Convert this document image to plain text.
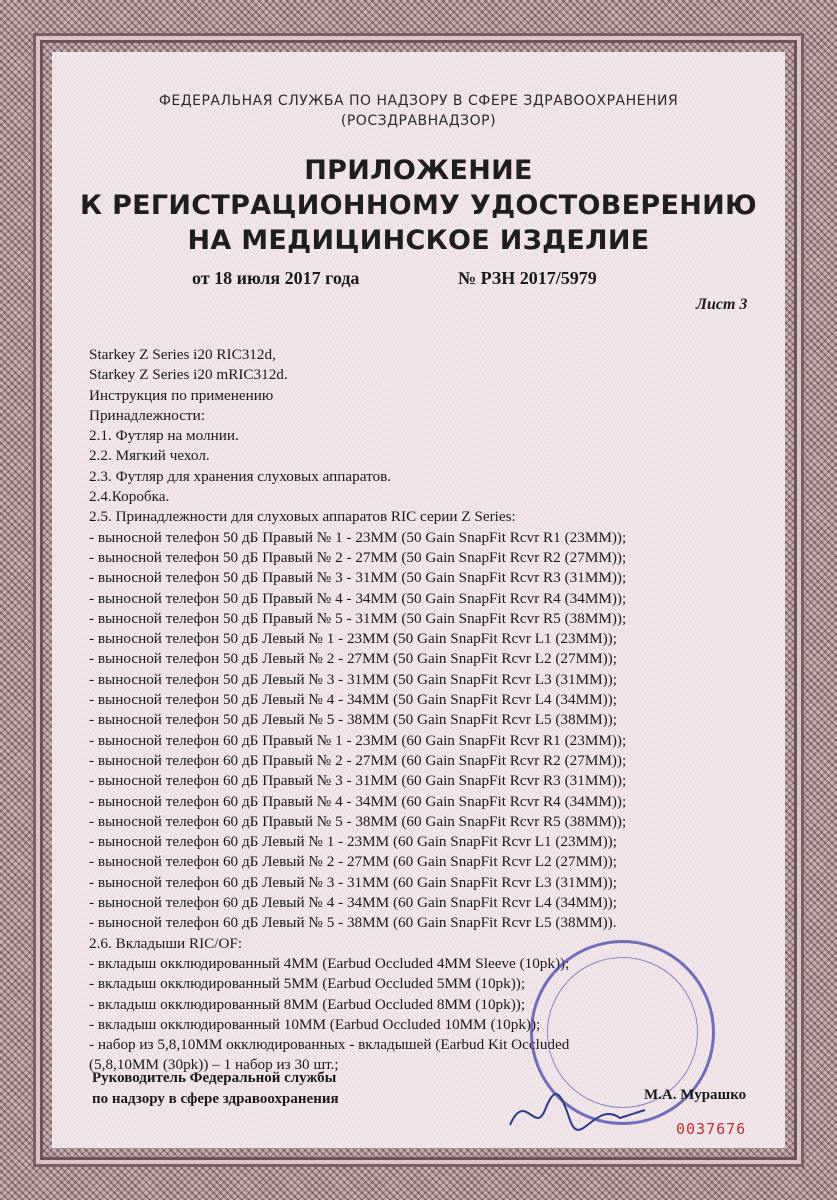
ФЕДЕРАЛЬНАЯ СЛУЖБА ПО НАДЗОРУ В СФЕРЕ ЗДРАВООХРАНЕНИЯ
(РОСЗДРАВНАДЗОР)
ПРИЛОЖЕНИЕ
К РЕГИСТРАЦИОННОМУ УДОСТОВЕРЕНИЮ
НА МЕДИЦИНСКОЕ ИЗДЕЛИЕ
от 18 июля 2017 года	№ РЗН 2017/5979
Лист 3
Starkey Z Series i20 RIC312d,
Starkey Z Series i20 mRIC312d.
Инструкция по применению
Принадлежности:
2.1. Футляр на молнии.
2.2. Мягкий чехол.
2.3. Футляр для хранения слуховых аппаратов.
2.4.Коробка.
2.5. Принадлежности для слуховых аппаратов RIC серии Z Series:
- выносной телефон 50 дБ Правый № 1 - 23ММ (50 Gain SnapFit Rcvr R1 (23MM));
- выносной телефон 50 дБ Правый № 2 - 27ММ (50 Gain SnapFit Rcvr R2 (27MM));
- выносной телефон 50 дБ Правый № 3 - 31ММ (50 Gain SnapFit Rcvr R3 (31MM));
- выносной телефон 50 дБ Правый № 4 - 34ММ (50 Gain SnapFit Rcvr R4 (34MM));
- выносной телефон 50 дБ Правый № 5 - 31ММ (50 Gain SnapFit Rcvr R5 (38MM));
- выносной телефон 50 дБ Левый № 1 - 23ММ (50 Gain SnapFit Rcvr L1 (23MM));
- выносной телефон 50 дБ Левый № 2 - 27ММ (50 Gain SnapFit Rcvr L2 (27MM));
- выносной телефон 50 дБ Левый № 3 - 31ММ (50 Gain SnapFit Rcvr L3 (31MM));
- выносной телефон 50 дБ Левый № 4 - 34ММ (50 Gain SnapFit Rcvr L4 (34MM));
- выносной телефон 50 дБ Левый № 5 - 38ММ (50 Gain SnapFit Rcvr L5 (38MM));
- выносной телефон 60 дБ Правый № 1 - 23ММ (60 Gain SnapFit Rcvr R1 (23MM));
- выносной телефон 60 дБ Правый № 2 - 27ММ (60 Gain SnapFit Rcvr R2 (27MM));
- выносной телефон 60 дБ Правый № 3 - 31ММ (60 Gain SnapFit Rcvr R3 (31MM));
- выносной телефон 60 дБ Правый № 4 - 34ММ (60 Gain SnapFit Rcvr R4 (34MM));
- выносной телефон 60 дБ Правый № 5 - 38ММ (60 Gain SnapFit Rcvr R5 (38MM));
- выносной телефон 60 дБ Левый № 1 - 23ММ (60 Gain SnapFit Rcvr L1 (23MM));
- выносной телефон 60 дБ Левый № 2 - 27ММ (60 Gain SnapFit Rcvr L2 (27MM));
- выносной телефон 60 дБ Левый № 3 - 31ММ (60 Gain SnapFit Rcvr L3 (31MM));
- выносной телефон 60 дБ Левый № 4 - 34ММ (60 Gain SnapFit Rcvr L4 (34MM));
- выносной телефон 60 дБ Левый № 5 - 38ММ (60 Gain SnapFit Rcvr L5 (38MM)).
2.6. Вкладыши RIC/OF:
- вкладыш окклюдированный 4ММ (Earbud Occluded 4MM Sleeve (10pk));
- вкладыш окклюдированный 5ММ (Earbud Occluded 5MM (10pk));
- вкладыш окклюдированный 8ММ (Earbud Occluded 8MM (10pk));
- вкладыш окклюдированный 10ММ (Earbud Occluded 10MM (10pk));
- набор из 5,8,10ММ окклюдированных - вкладышей (Earbud Kit Occluded
(5,8,10MM (30pk)) – 1 набор из 30 шт.;
Руководитель Федеральной службы
по надзору в сфере здравоохранения	М.А. Мурашко
0037676
